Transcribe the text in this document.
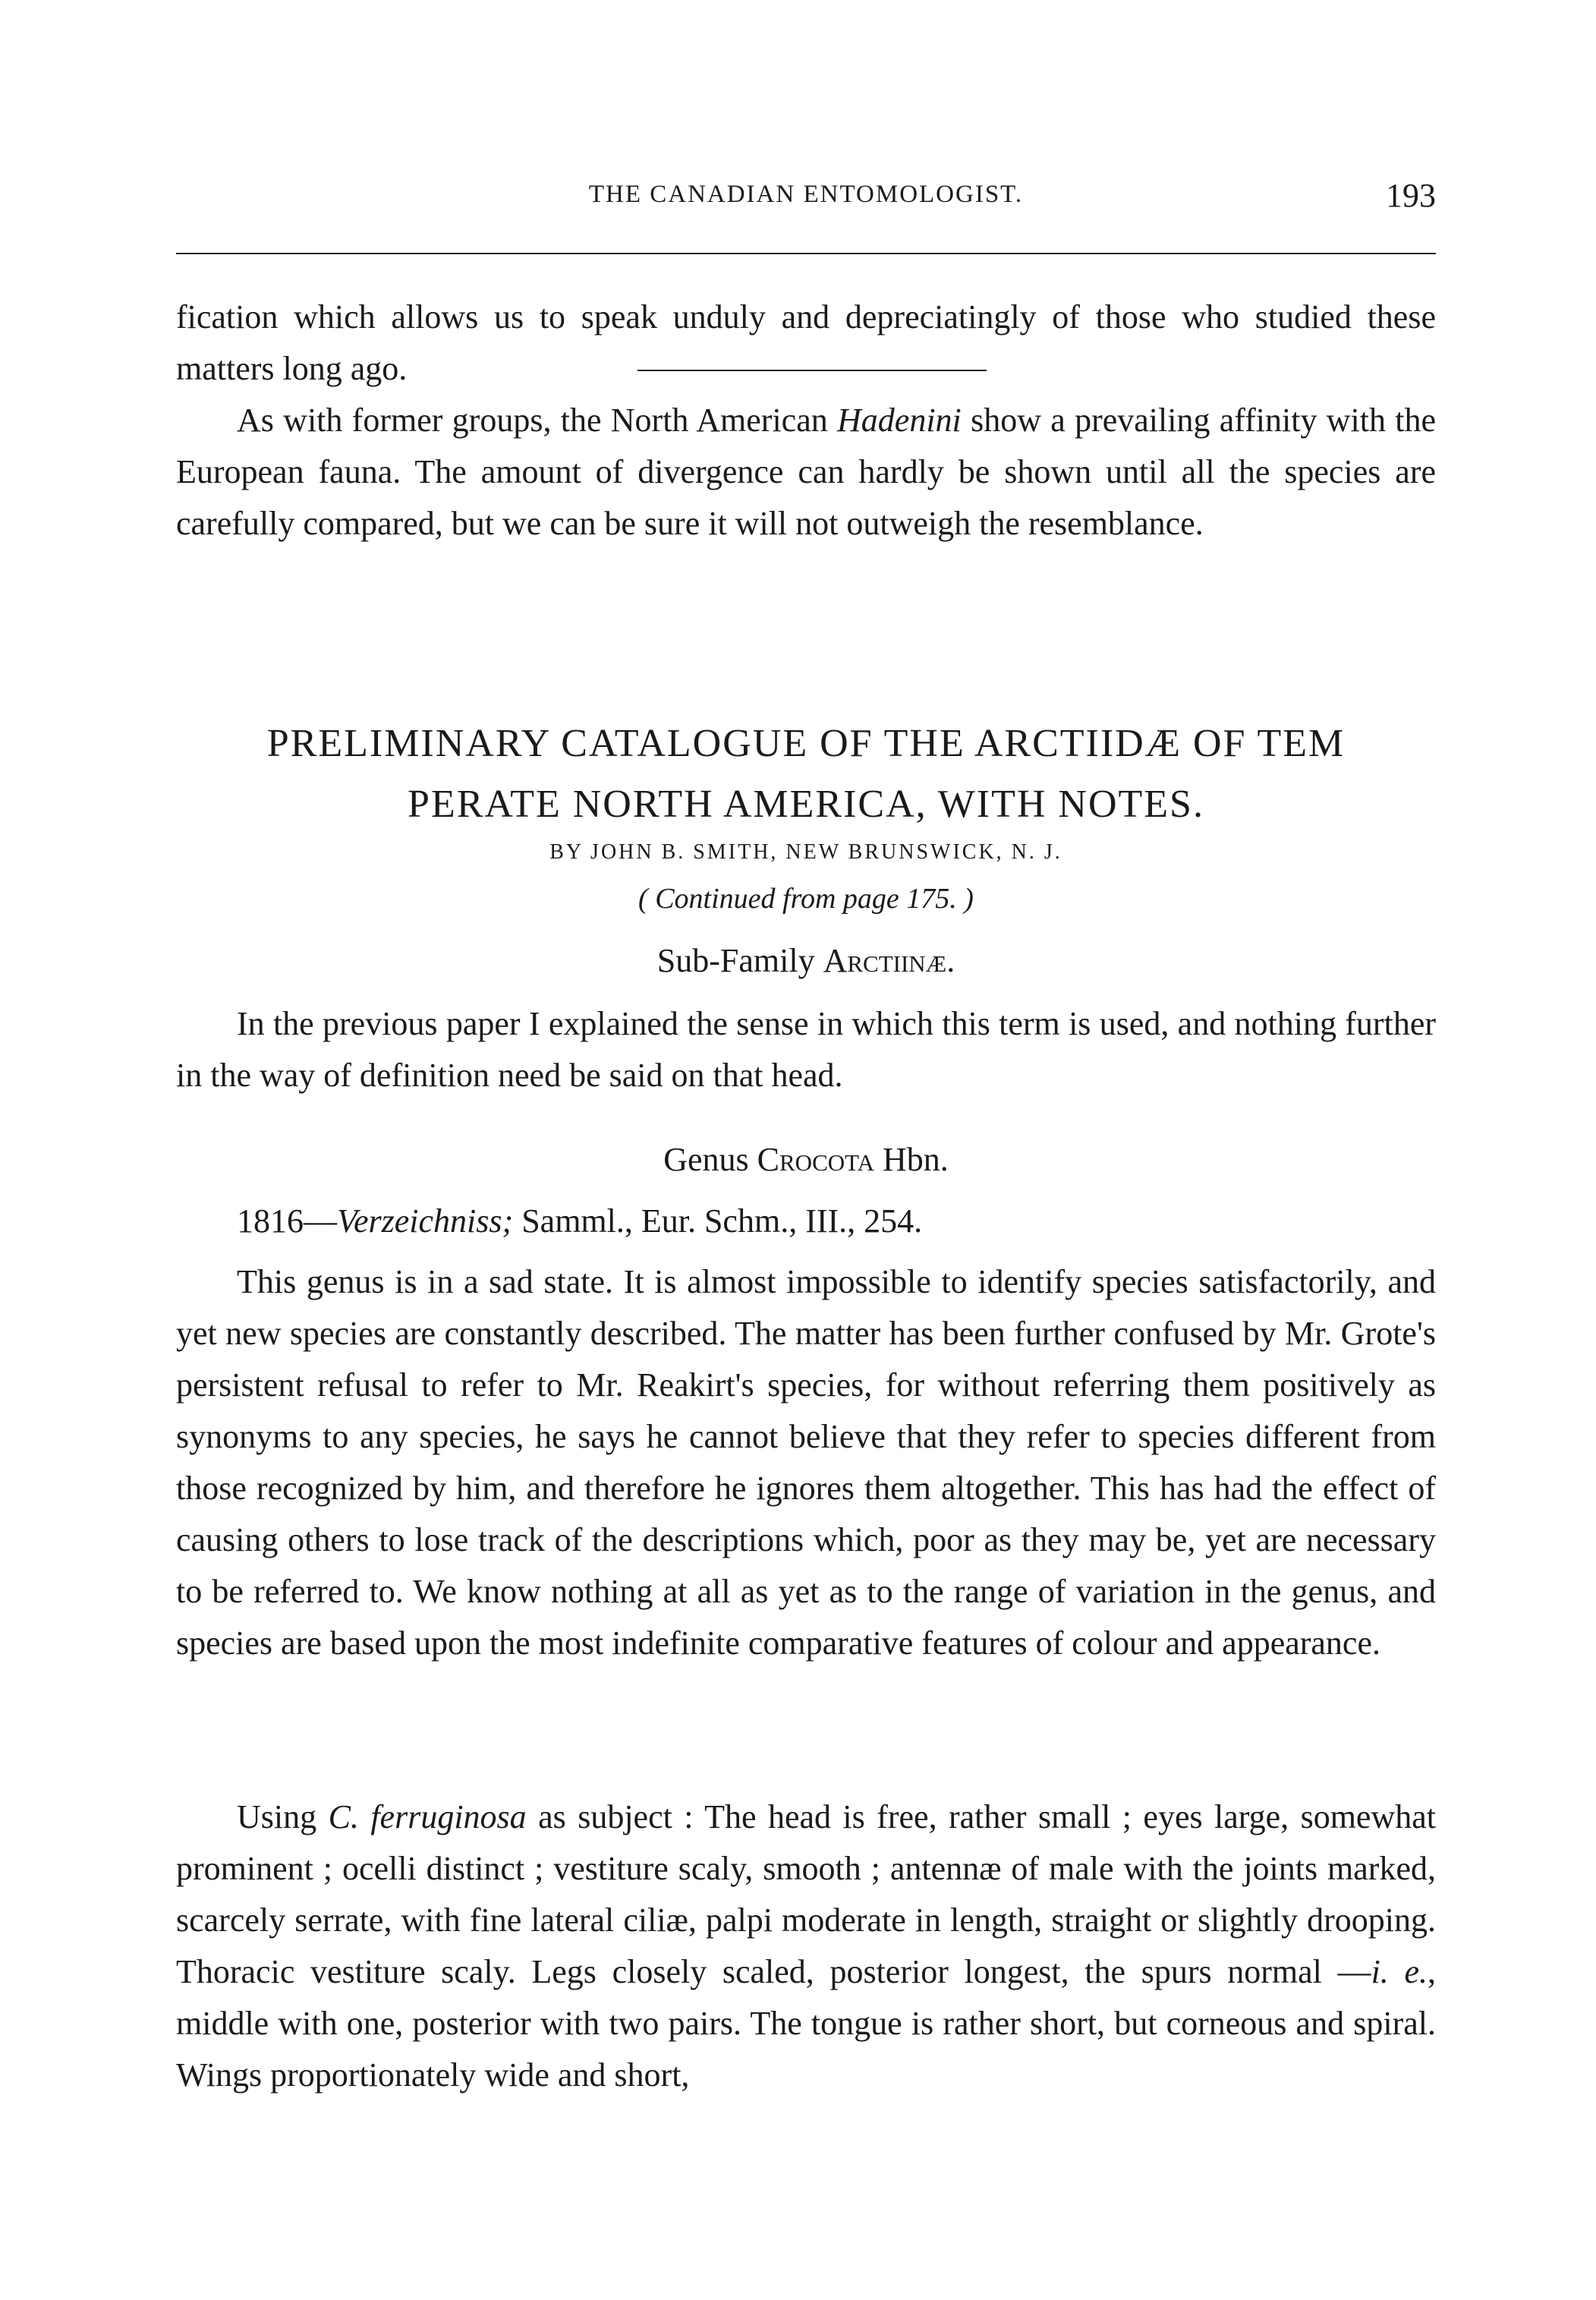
THE CANADIAN ENTOMOLOGIST.	193

fication which allows us to speak unduly and depreciatingly of those who studied these matters long ago.

As with former groups, the North American Hadenini show a prevailing affinity with the European fauna. The amount of divergence can hardly be shown until all the species are carefully compared, but we can be sure it will not outweigh the resemblance.

PRELIMINARY CATALOGUE OF THE ARCTIIDÆ OF TEM
PERATE NORTH AMERICA, WITH NOTES.
BY JOHN B. SMITH, NEW BRUNSWICK, N. J.
( Continued from page 175. )
Sub-Family Arctiinæ.

In the previous paper I explained the sense in which this term is used, and nothing further in the way of definition need be said on that head.

Genus Crocota Hbn.
1816—Verzeichniss; Samml., Eur. Schm., III., 254.

This genus is in a sad state. It is almost impossible to identify species satisfactorily, and yet new species are constantly described. The matter has been further confused by Mr. Grote's persistent refusal to refer to Mr. Reakirt's species, for without referring them positively as synonyms to any species, he says he cannot believe that they refer to species different from those recognized by him, and therefore he ignores them altogether. This has had the effect of causing others to lose track of the descriptions which, poor as they may be, yet are necessary to be referred to. We know nothing at all as yet as to the range of variation in the genus, and species are based upon the most indefinite comparative features of colour and appearance.

Using C. ferruginosa as subject : The head is free, rather small ; eyes large, somewhat prominent ; ocelli distinct ; vestiture scaly, smooth ; antennæ of male with the joints marked, scarcely serrate, with fine lateral ciliæ, palpi moderate in length, straight or slightly drooping. Thoracic vestiture scaly. Legs closely scaled, posterior longest, the spurs normal —i. e., middle with one, posterior with two pairs. The tongue is rather short, but corneous and spiral. Wings proportionately wide and short,
